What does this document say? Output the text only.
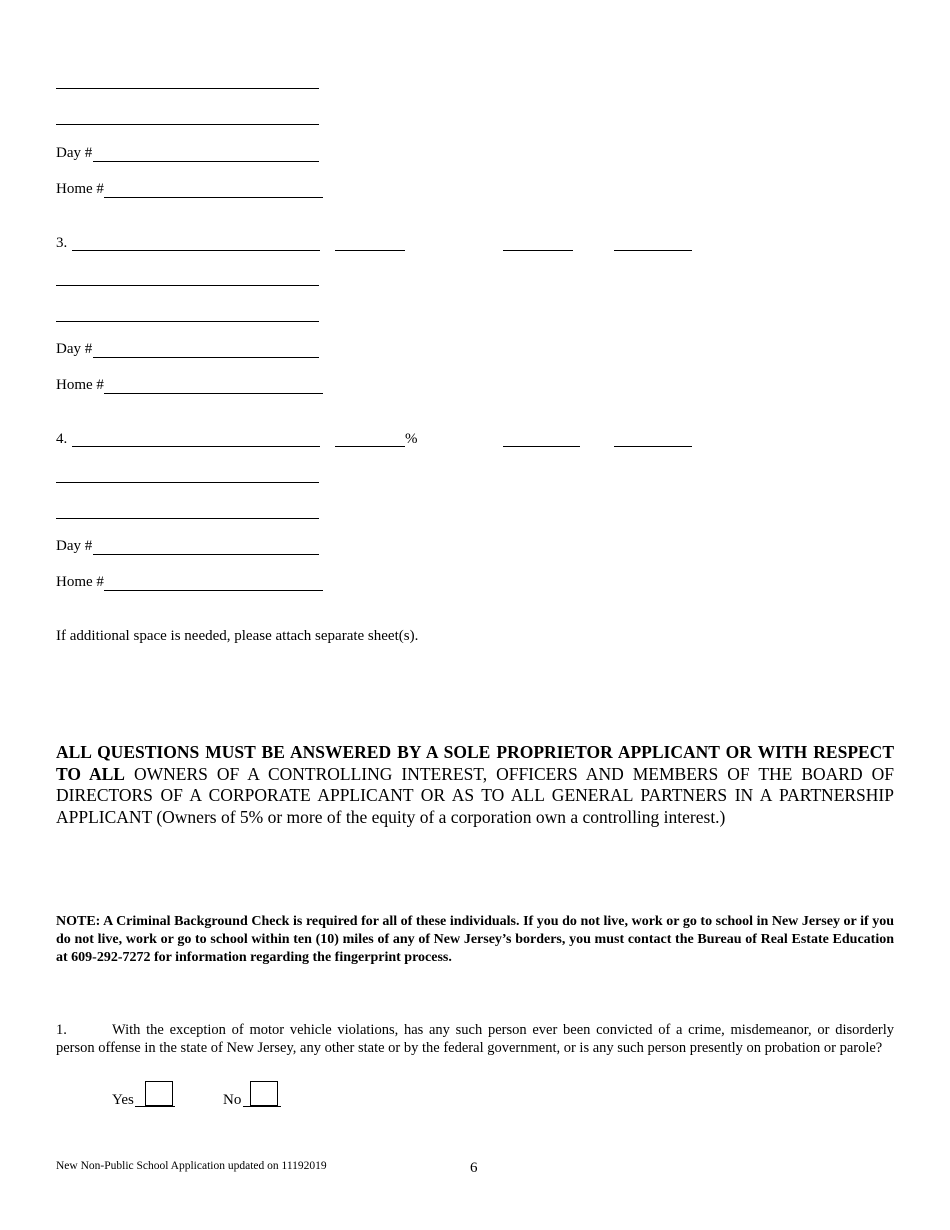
Day #
Home #
3.
Day #
Home #
4.	%
Day #
Home #
If additional space is needed, please attach separate sheet(s).
ALL QUESTIONS MUST BE ANSWERED BY A SOLE PROPRIETOR APPLICANT OR WITH RESPECT TO ALL OWNERS OF A CONTROLLING INTEREST, OFFICERS AND MEMBERS OF THE BOARD OF DIRECTORS OF A CORPORATE APPLICANT OR AS TO ALL GENERAL PARTNERS IN A PARTNERSHIP APPLICANT (Owners of 5% or more of the equity of a corporation own a controlling interest.)
NOTE: A Criminal Background Check is required for all of these individuals. If you do not live, work or go to school in New Jersey or if you do not live, work or go to school within ten (10) miles of any of New Jersey’s borders, you must contact the Bureau of Real Estate Education at 609-292-7272 for information regarding the fingerprint process.
1.	With the exception of motor vehicle violations, has any such person ever been convicted of a crime, misdemeanor, or disorderly person offense in the state of New Jersey, any other state or by the federal government, or is any such person presently on probation or parole?
Yes	No
New Non-Public School Application updated on 11192019	6
